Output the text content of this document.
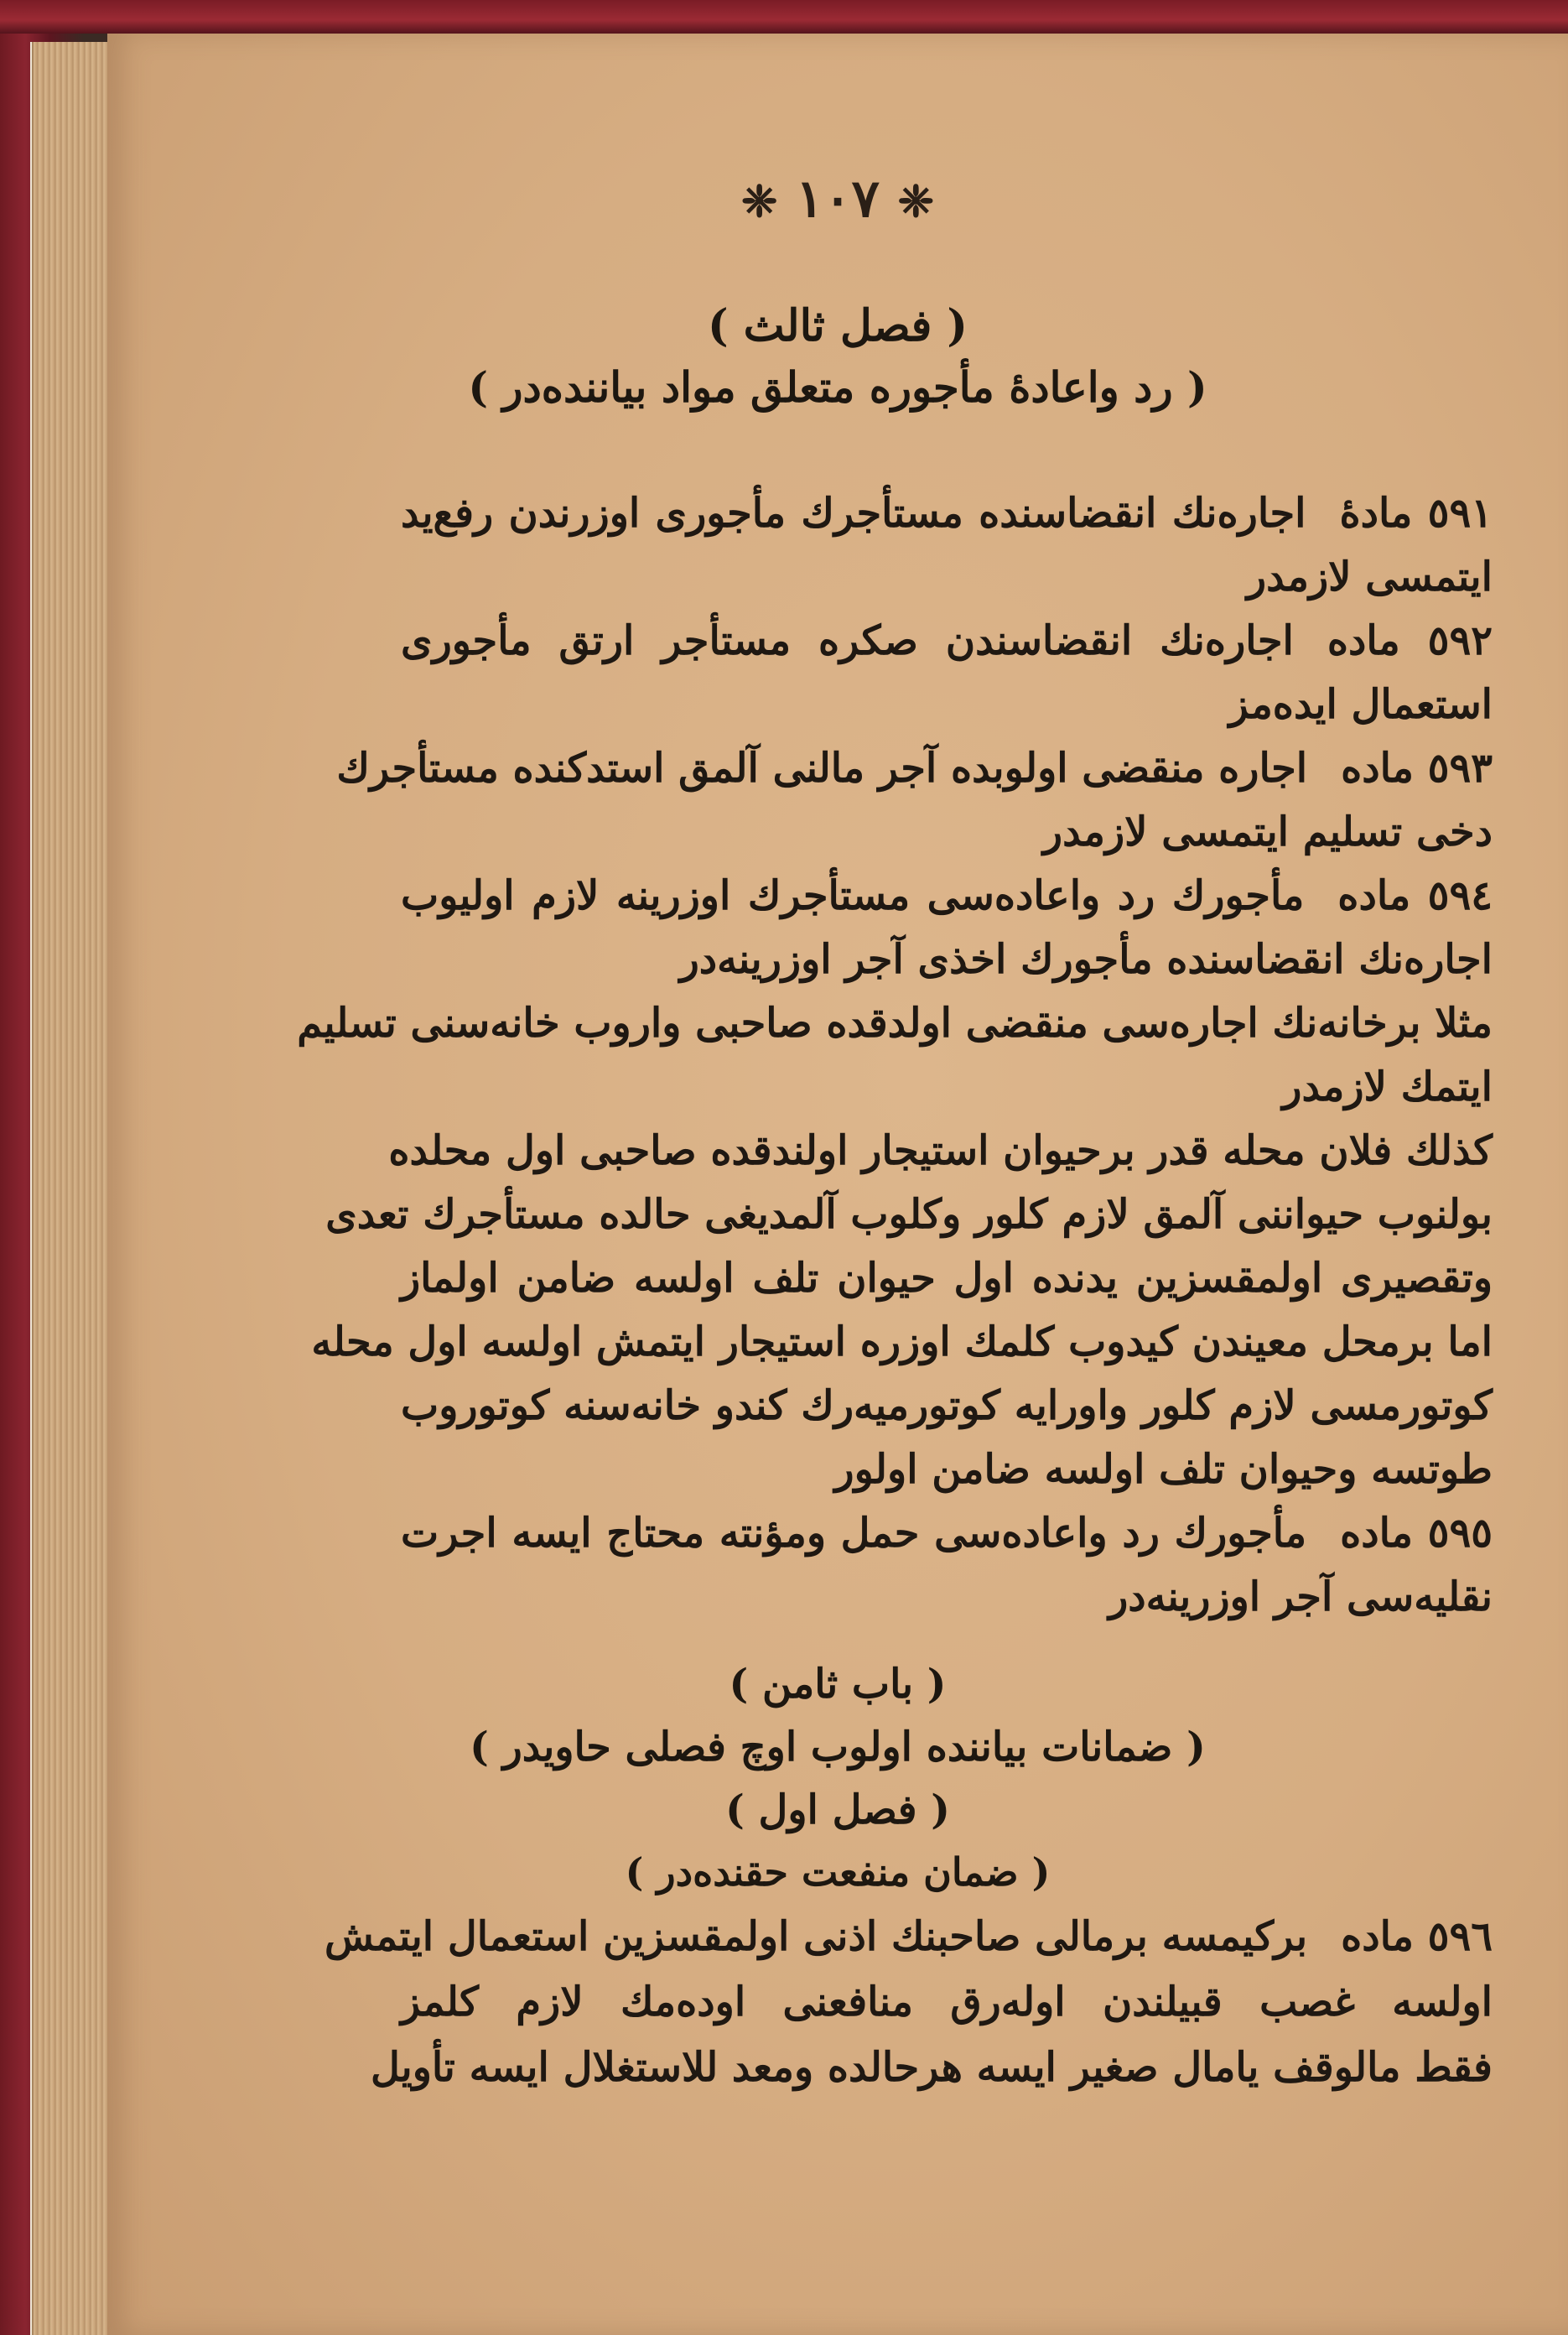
❈ ١٠٧ ❈
( فصل ثالث )
( رد واعادهٔ مأجوره متعلق مواد بیاننده‌در )
٥٩١ مادهٔاجاره‌نك انقضاسنده مستأجرك مأجوری اوزرندن رفع‌ید
ایتمسی لازمدر
٥٩٢ مادهاجاره‌نك انقضاسندن صكره مستأجر ارتق مأجوری
استعمال ایده‌مز
٥٩٣ مادهاجاره منقضی اولوبده آجر مالنی آلمق استدكنده مستأجرك
دخی تسلیم ایتمسی لازمدر
٥٩٤ مادهمأجورك رد واعاده‌سی مستأجرك اوزرینه لازم اولیوب
اجاره‌نك انقضاسنده مأجورك اخذی آجر اوزرینه‌در
مثلا برخانه‌نك اجاره‌سی منقضی اولدقده صاحبی واروب خانه‌سنی تسلیم
ایتمك لازمدر
كذلك فلان محله قدر برحیوان استیجار اولندقده صاحبی اول محلده
بولنوب حیواننی آلمق لازم كلور وكلوب آلمدیغی حالده مستأجرك تعدی
وتقصیری اولمقسزین یدنده اول حیوان تلف اولسه ضامن اولماز
اما برمحل معیندن كیدوب كلمك اوزره استیجار ایتمش اولسه اول محله
كوتورمسی لازم كلور واورایه كوتورمیه‌رك كندو خانه‌سنه كوتوروب
طوتسه وحیوان تلف اولسه ضامن اولور
٥٩٥ مادهمأجورك رد واعاده‌سی حمل ومؤنته محتاج ایسه اجرت
نقلیه‌سی آجر اوزرینه‌در
( باب ثامن )
( ضمانات بیاننده اولوب اوچ فصلی حاویدر )
( فصل اول )
( ضمان منفعت حقنده‌در )
٥٩٦ مادهبركیمسه برمالی صاحبنك اذنی اولمقسزین استعمال ایتمش
اولسه غصب قبیلندن اوله‌رق منافعنی اوده‌مك لازم كلمز
فقط مالوقف یامال صغیر ایسه هرحالده ومعد للاستغلال ایسه تأویل
